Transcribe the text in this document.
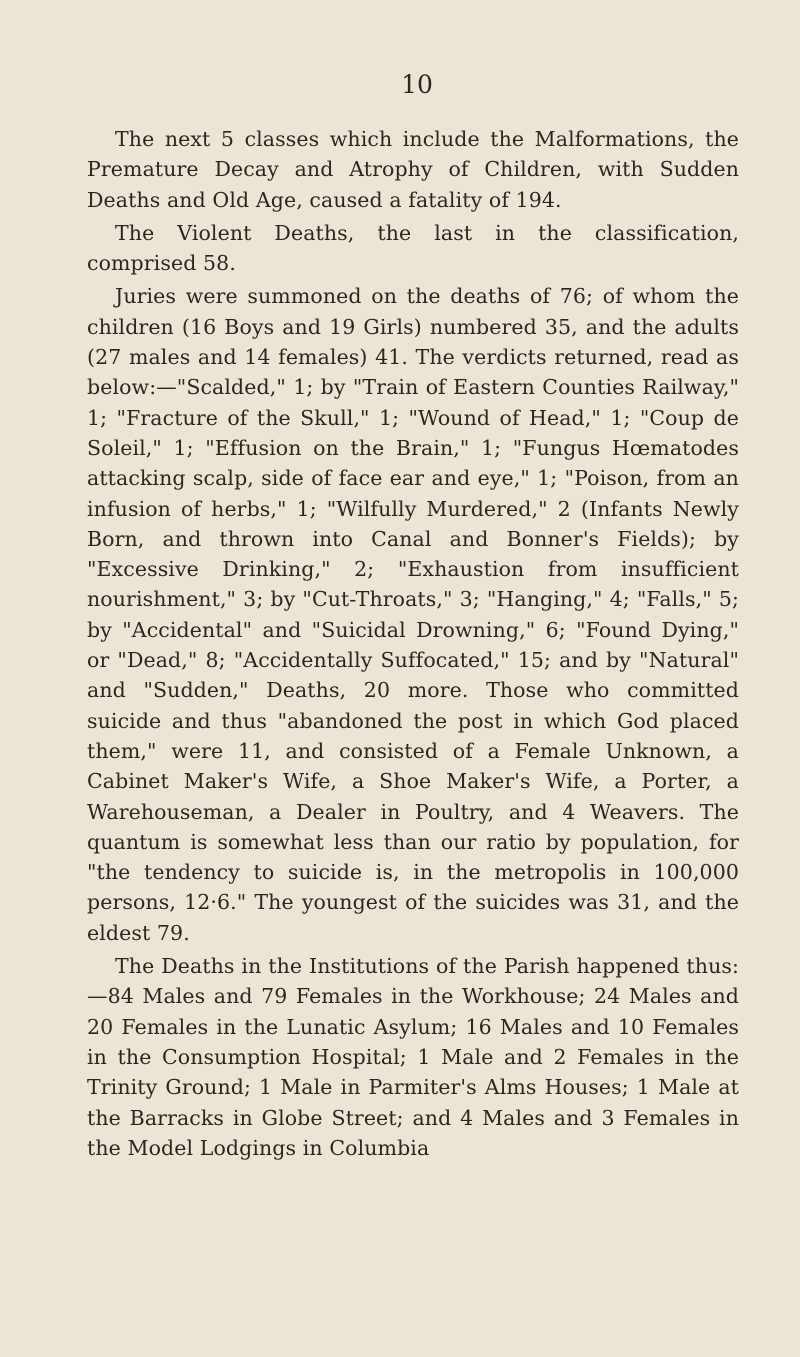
10

The next 5 classes which include the Malformations, the Premature Decay and Atrophy of Children, with Sudden Deaths and Old Age, caused a fatality of 194.

The Violent Deaths, the last in the classification, comprised 58.

Juries were summoned on the deaths of 76; of whom the children (16 Boys and 19 Girls) numbered 35, and the adults (27 males and 14 females) 41. The verdicts returned, read as below:—"Scalded," 1; by "Train of Eastern Counties Railway," 1; "Fracture of the Skull," 1; "Wound of Head," 1; "Coup de Soleil," 1; "Effusion on the Brain," 1; "Fungus Hœmatodes attacking scalp, side of face ear and eye," 1; "Poison, from an infusion of herbs," 1; "Wilfully Murdered," 2 (Infants Newly Born, and thrown into Canal and Bonner's Fields); by "Excessive Drinking," 2; "Exhaustion from insufficient nourishment," 3; by "Cut-Throats," 3; "Hanging," 4; "Falls," 5; by "Accidental" and "Suicidal Drowning," 6; "Found Dying," or "Dead," 8; "Accidentally Suffocated," 15; and by "Natural" and "Sudden," Deaths, 20 more. Those who committed suicide and thus "abandoned the post in which God placed them," were 11, and consisted of a Female Unknown, a Cabinet Maker's Wife, a Shoe Maker's Wife, a Porter, a Warehouseman, a Dealer in Poultry, and 4 Weavers. The quantum is somewhat less than our ratio by population, for "the tendency to suicide is, in the metropolis in 100,000 persons, 12·6." The youngest of the suicides was 31, and the eldest 79.

The Deaths in the Institutions of the Parish happened thus:—84 Males and 79 Females in the Workhouse; 24 Males and 20 Females in the Lunatic Asylum; 16 Males and 10 Females in the Consumption Hospital; 1 Male and 2 Females in the Trinity Ground; 1 Male in Parmiter's Alms Houses; 1 Male at the Barracks in Globe Street; and 4 Males and 3 Females in the Model Lodgings in Columbia
